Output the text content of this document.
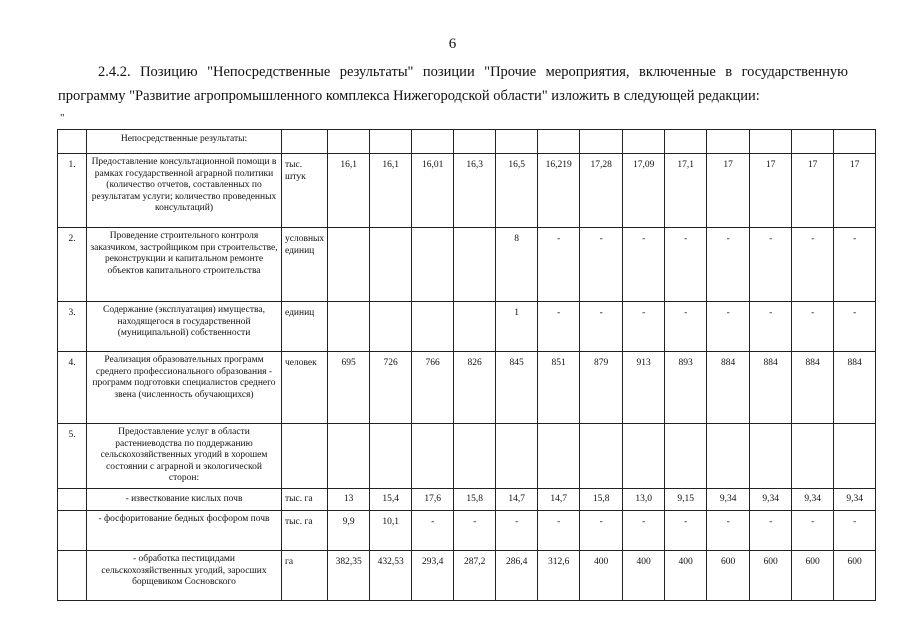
6
2.4.2. Позицию "Непосредственные результаты" позиции "Прочие мероприятия, включенные в государственную
программу "Развитие агропромышленного комплекса Нижегородской области" изложить в следующей редакции:
"
	Непосредственные результаты:														
1.	Предоставление консультационной помощи в рамках государственной аграрной политики (количество отчетов, составленных по результатам услуги; количество проведенных консультаций)	тыс. штук	16,1	16,1	16,01	16,3	16,5	16,219	17,28	17,09	17,1	17	17	17	17
2.	Проведение строительного контроля заказчиком, застройщиком при строительстве, реконструкции и капитальном ремонте объектов капитального строительства	условных единиц					8	-	-	-	-	-	-	-	-
3.	Содержание (эксплуатация) имущества, находящегося в государственной (муниципальной) собственности	единиц					1	-	-	-	-	-	-	-	-
4.	Реализация образовательных программ среднего профессионального образования - программ подготовки специалистов среднего звена (численность обучающихся)	человек	695	726	766	826	845	851	879	913	893	884	884	884	884
5.	Предоставление услуг в области растениеводства по поддержанию сельскохозяйственных угодий в хорошем состоянии с аграрной и экологической сторон:														
	- известкование кислых почв	тыс. га	13	15,4	17,6	15,8	14,7	14,7	15,8	13,0	9,15	9,34	9,34	9,34	9,34
	- фосфоритование бедных фосфором почв	тыс. га	9,9	10,1	-	-	-	-	-	-	-	-	-	-	-
	- обработка пестицидами сельскохозяйственных угодий, заросших борщевиком Сосновского	га	382,35	432,53	293,4	287,2	286,4	312,6	400	400	400	600	600	600	600
